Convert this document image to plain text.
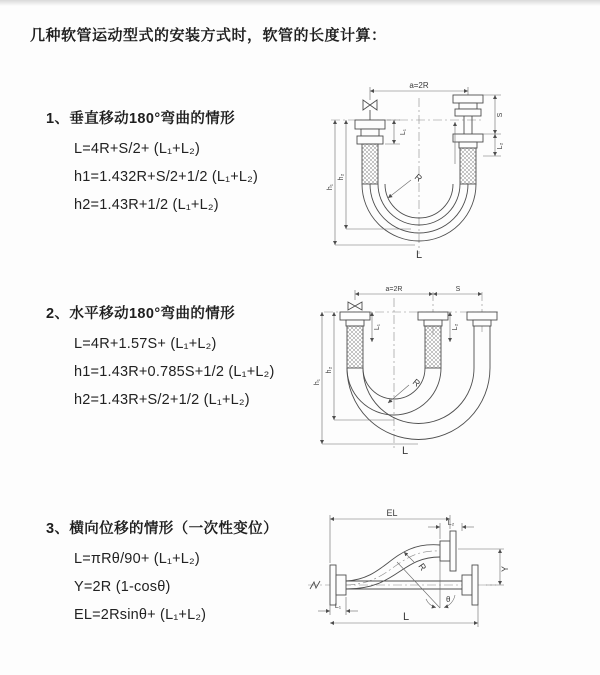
几种软管运动型式的安装方式时，软管的长度计算：
1、垂直移动180°弯曲的情形
L=4R+S/2+ (L₁+L₂)
h1=1.432R+S/2+1/2 (L₁+L₂)
h2=1.43R+1/2 (L₁+L₂)
2、水平移动180°弯曲的情形
L=4R+1.57S+ (L₁+L₂)
h1=1.43R+0.785S+1/2 (L₁+L₂)
h2=1.43R+S/2+1/2 (L₁+L₂)
3、横向位移的情形（一次性变位）
L=πRθ/90+ (L₁+L₂)
Y=2R (1-cosθ)
EL=2Rsinθ+ (L₁+L₂)
a=2R
h₁
h₂
L₁
S
L₂
R
L
a=2R	S
h₁
h₂
L₁	L₂
R
L
θ
EL
L₂
Y
R
L₁
L
